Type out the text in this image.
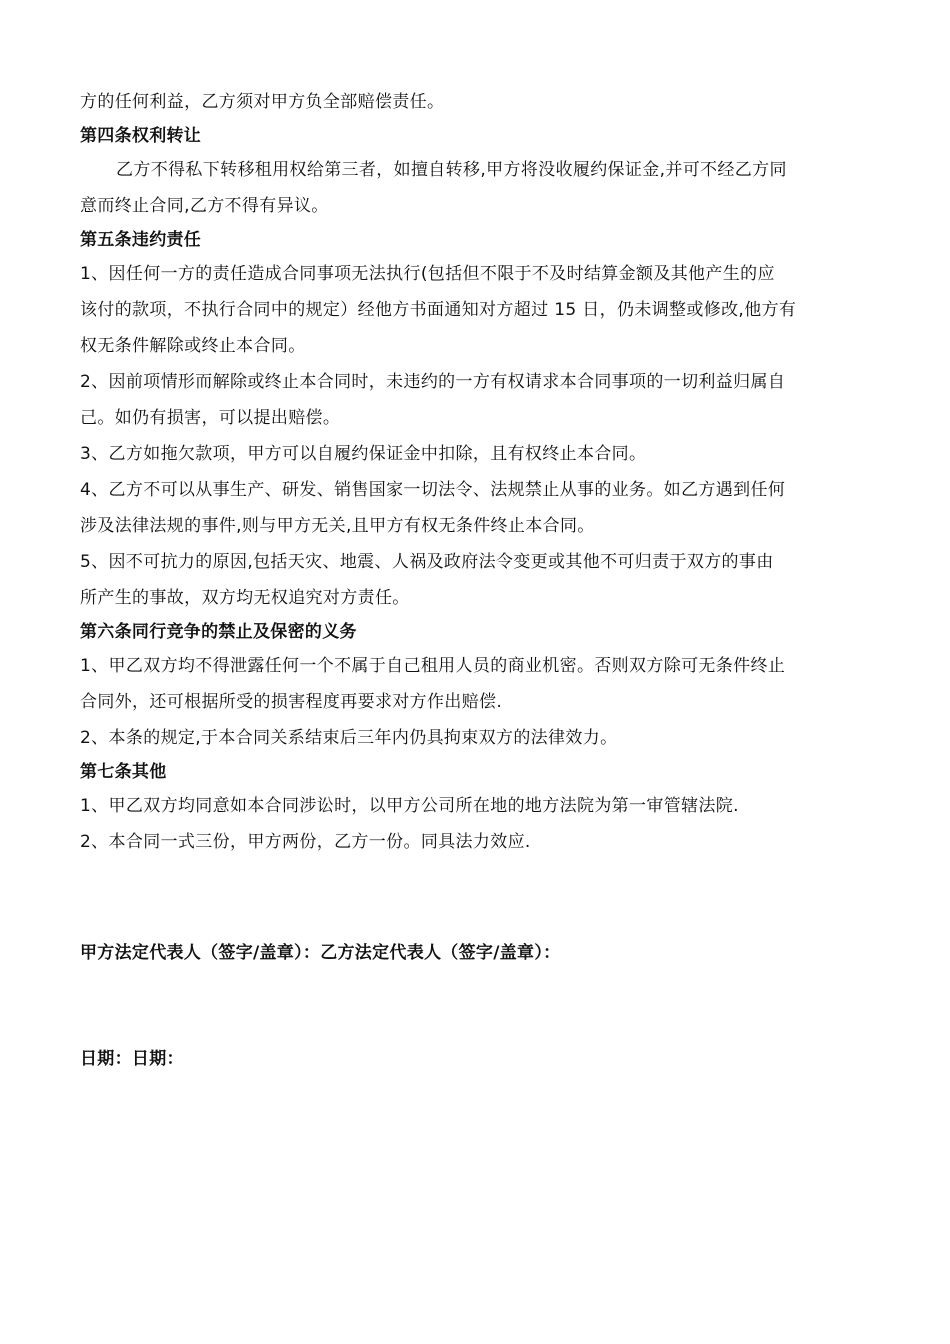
方的任何利益，乙方须对甲方负全部赔偿责任。
第四条权利转让
乙方不得私下转移租用权给第三者，如擅自转移,甲方将没收履约保证金,并可不经乙方同
意而终止合同,乙方不得有异议。
第五条违约责任
1、因任何一方的责任造成合同事项无法执行(包括但不限于不及时结算金额及其他产生的应
该付的款项，不执行合同中的规定）经他方书面通知对方超过 15 日，仍未调整或修改,他方有
权无条件解除或终止本合同。
2、因前项情形而解除或终止本合同时，未违约的一方有权请求本合同事项的一切利益归属自
己。如仍有损害，可以提出赔偿。
3、乙方如拖欠款项，甲方可以自履约保证金中扣除，且有权终止本合同。
4、乙方不可以从事生产、研发、销售国家一切法令、法规禁止从事的业务。如乙方遇到任何
涉及法律法规的事件,则与甲方无关,且甲方有权无条件终止本合同。
5、因不可抗力的原因,包括天灾、地震、人祸及政府法令变更或其他不可归责于双方的事由
所产生的事故，双方均无权追究对方责任。
第六条同行竞争的禁止及保密的义务
1、甲乙双方均不得泄露任何一个不属于自己租用人员的商业机密。否则双方除可无条件终止
合同外，还可根据所受的损害程度再要求对方作出赔偿.
2、本条的规定,于本合同关系结束后三年内仍具拘束双方的法律效力。
第七条其他
1、甲乙双方均同意如本合同涉讼时，以甲方公司所在地的地方法院为第一审管辖法院.
2、本合同一式三份，甲方两份，乙方一份。同具法力效应.
甲方法定代表人（签字/盖章）：乙方法定代表人（签字/盖章）：
日期：日期：
